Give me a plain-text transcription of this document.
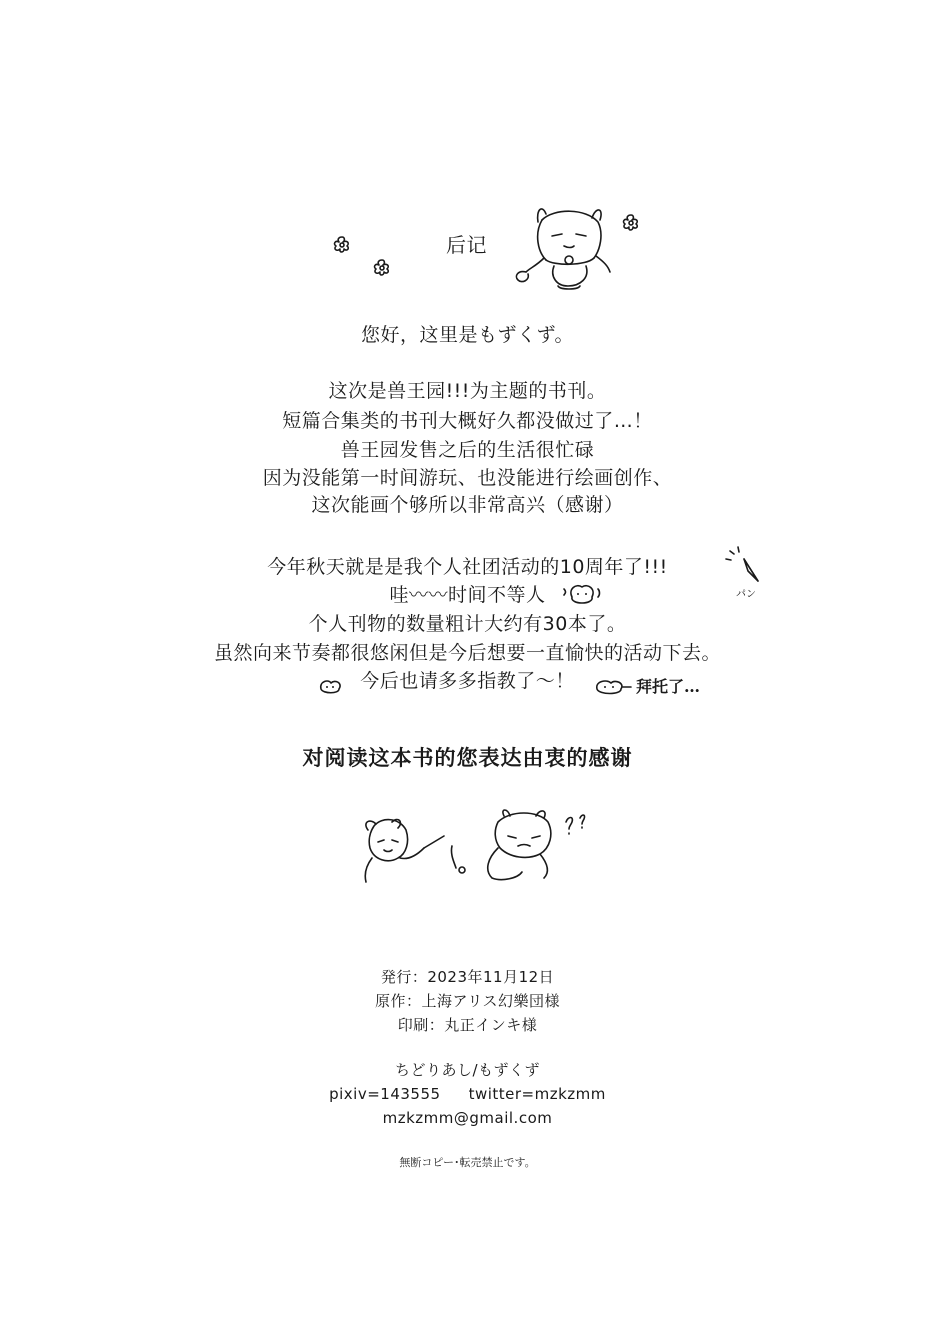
后记
您好，这里是もずくず。
这次是兽王园!!!为主题的书刊。
短篇合集类的书刊大概好久都没做过了…！
兽王园发售之后的生活很忙碌
因为没能第一时间游玩、也没能进行绘画创作、
这次能画个够所以非常高兴（感谢）
今年秋天就是是我个人社团活动的10周年了!!!
哇〰〰时间不等人
个人刊物的数量粗计大约有30本了。
虽然向来节奏都很悠闲但是今后想要一直愉快的活动下去。
今后也请多多指教了〜！
パン
拜托了…
对阅读这本书的您表达由衷的感谢
発行：2023年11月12日
原作：上海アリス幻樂団様
印刷：丸正インキ様
ちどりあし/もずくず
pixiv=143555 twitter=mzkzmm
mzkzmm@gmail.com
無断コピー･転売禁止です。
